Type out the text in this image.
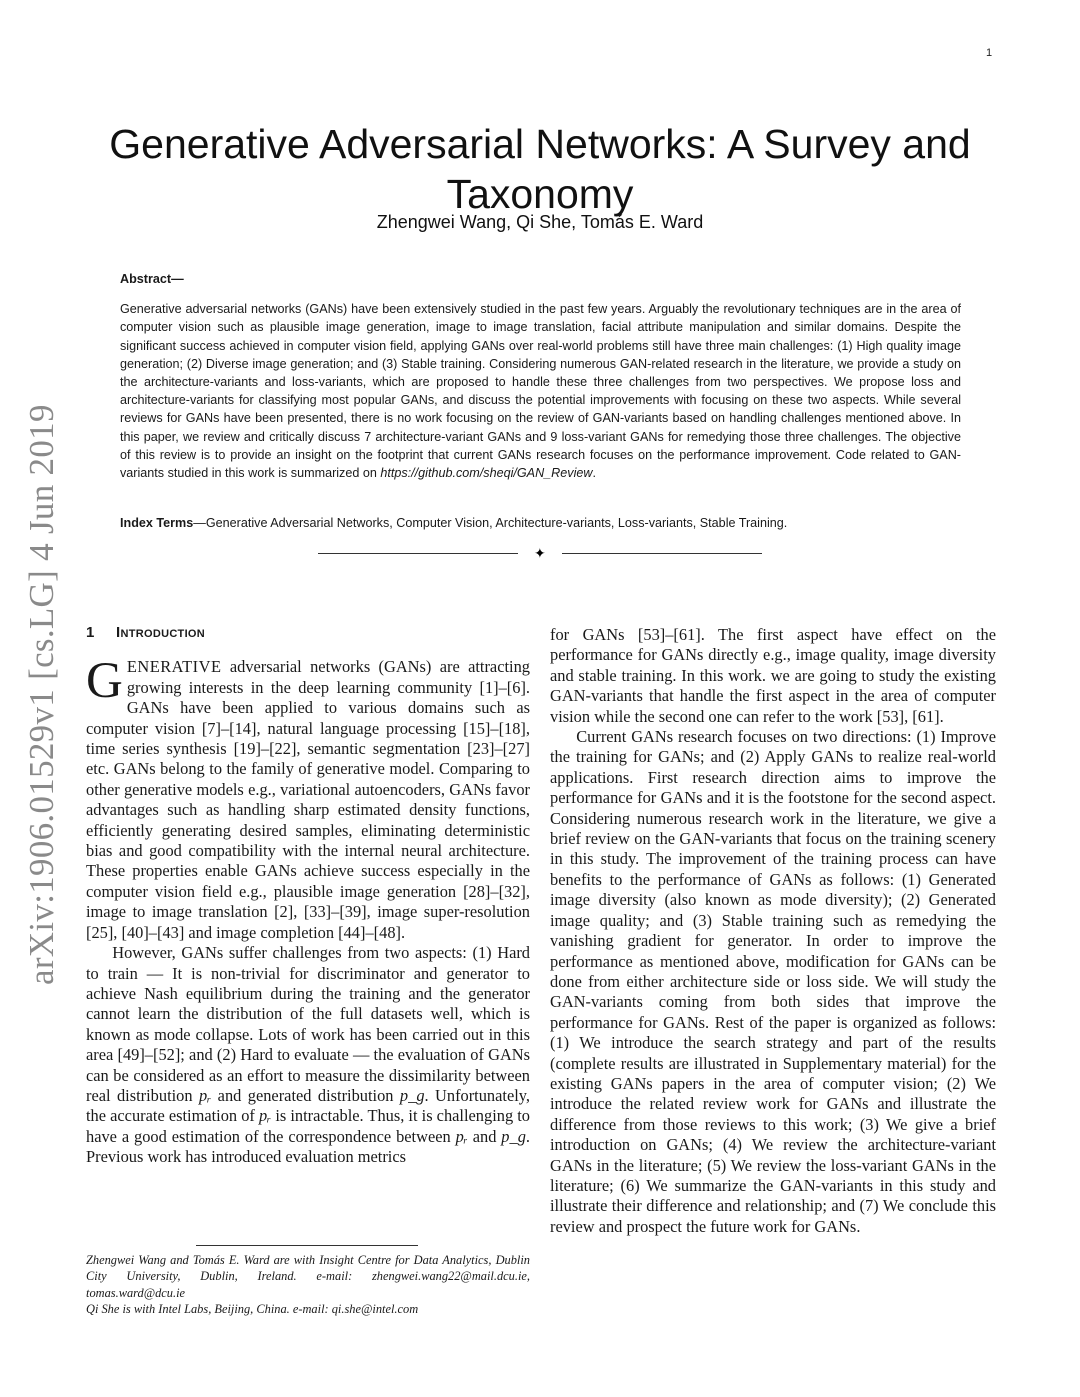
1
arXiv:1906.01529v1 [cs.LG] 4 Jun 2019
Generative Adversarial Networks: A Survey and Taxonomy
Zhengwei Wang, Qi She, Tomás E. Ward
Abstract—

Generative adversarial networks (GANs) have been extensively studied in the past few years. Arguably the revolutionary techniques are in the area of computer vision such as plausible image generation, image to image translation, facial attribute manipulation and similar domains. Despite the significant success achieved in computer vision field, applying GANs over real-world problems still have three main challenges: (1) High quality image generation; (2) Diverse image generation; and (3) Stable training. Considering numerous GAN-related research in the literature, we provide a study on the architecture-variants and loss-variants, which are proposed to handle these three challenges from two perspectives. We propose loss and architecture-variants for classifying most popular GANs, and discuss the potential improvements with focusing on these two aspects. While several reviews for GANs have been presented, there is no work focusing on the review of GAN-variants based on handling challenges mentioned above. In this paper, we review and critically discuss 7 architecture-variant GANs and 9 loss-variant GANs for remedying those three challenges. The objective of this review is to provide an insight on the footprint that current GANs research focuses on the performance improvement. Code related to GAN-variants studied in this work is summarized on https://github.com/sheqi/GAN_Review.

Index Terms—Generative Adversarial Networks, Computer Vision, Architecture-variants, Loss-variants, Stable Training.
✦
1 Introduction

GENERATIVE adversarial networks (GANs) are attracting growing interests in the deep learning community [1]–[6]. GANs have been applied to various domains such as computer vision [7]–[14], natural language processing [15]–[18], time series synthesis [19]–[22], semantic segmentation [23]–[27] etc. GANs belong to the family of generative model. Comparing to other generative models e.g., variational autoencoders, GANs favor advantages such as handling sharp estimated density functions, efficiently generating desired samples, eliminating deterministic bias and good compatibility with the internal neural architecture. These properties enable GANs achieve success especially in the computer vision field e.g., plausible image generation [28]–[32], image to image translation [2], [33]–[39], image super-resolution [25], [40]–[43] and image completion [44]–[48].

However, GANs suffer challenges from two aspects: (1) Hard to train — It is non-trivial for discriminator and generator to achieve Nash equilibrium during the training and the generator cannot learn the distribution of the full datasets well, which is known as mode collapse. Lots of work has been carried out in this area [49]–[52]; and (2) Hard to evaluate — the evaluation of GANs can be considered as an effort to measure the dissimilarity between real distribution pᵣ and generated distribution p_g. Unfortunately, the accurate estimation of pᵣ is intractable. Thus, it is challenging to have a good estimation of the correspondence between pᵣ and p_g. Previous work has introduced evaluation metrics

Zhengwei Wang and Tomás E. Ward are with Insight Centre for Data Analytics, Dublin City University, Dublin, Ireland. e-mail: zhengwei.wang22@mail.dcu.ie, tomas.ward@dcu.ie

Qi She is with Intel Labs, Beijing, China. e-mail: qi.she@intel.com

for GANs [53]–[61]. The first aspect have effect on the performance for GANs directly e.g., image quality, image diversity and stable training. In this work. we are going to study the existing GAN-variants that handle the first aspect in the area of computer vision while the second one can refer to the work [53], [61].

Current GANs research focuses on two directions: (1) Improve the training for GANs; and (2) Apply GANs to realize real-world applications. First research direction aims to improve the performance for GANs and it is the footstone for the second aspect. Considering numerous research work in the literature, we give a brief review on the GAN-variants that focus on the training scenery in this study. The improvement of the training process can have benefits to the performance of GANs as follows: (1) Generated image diversity (also known as mode diversity); (2) Generated image quality; and (3) Stable training such as remedying the vanishing gradient for generator. In order to improve the performance as mentioned above, modification for GANs can be done from either architecture side or loss side. We will study the GAN-variants coming from both sides that improve the performance for GANs. Rest of the paper is organized as follows: (1) We introduce the search strategy and part of the results (complete results are illustrated in Supplementary material) for the existing GANs papers in the area of computer vision; (2) We introduce the related review work for GANs and illustrate the difference from those reviews to this work; (3) We give a brief introduction on GANs; (4) We review the architecture-variant GANs in the literature; (5) We review the loss-variant GANs in the literature; (6) We summarize the GAN-variants in this study and illustrate their difference and relationship; and (7) We conclude this review and prospect the future work for GANs.
